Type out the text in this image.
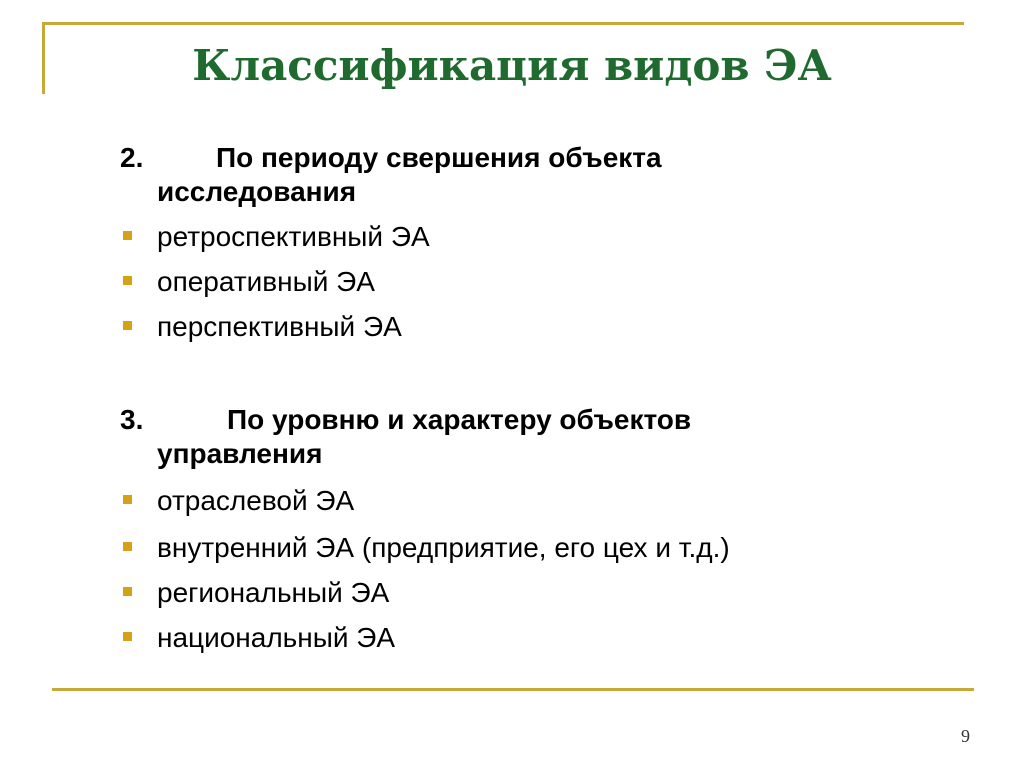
Классификация видов ЭА
2.	По периоду свершения объекта
исследования
ретроспективный ЭА
оперативный ЭА
перспективный ЭА
3.	По уровню и характеру объектов
управления
отраслевой ЭА
внутренний ЭА (предприятие, его цех и т.д.)
региональный ЭА
национальный ЭА
9
